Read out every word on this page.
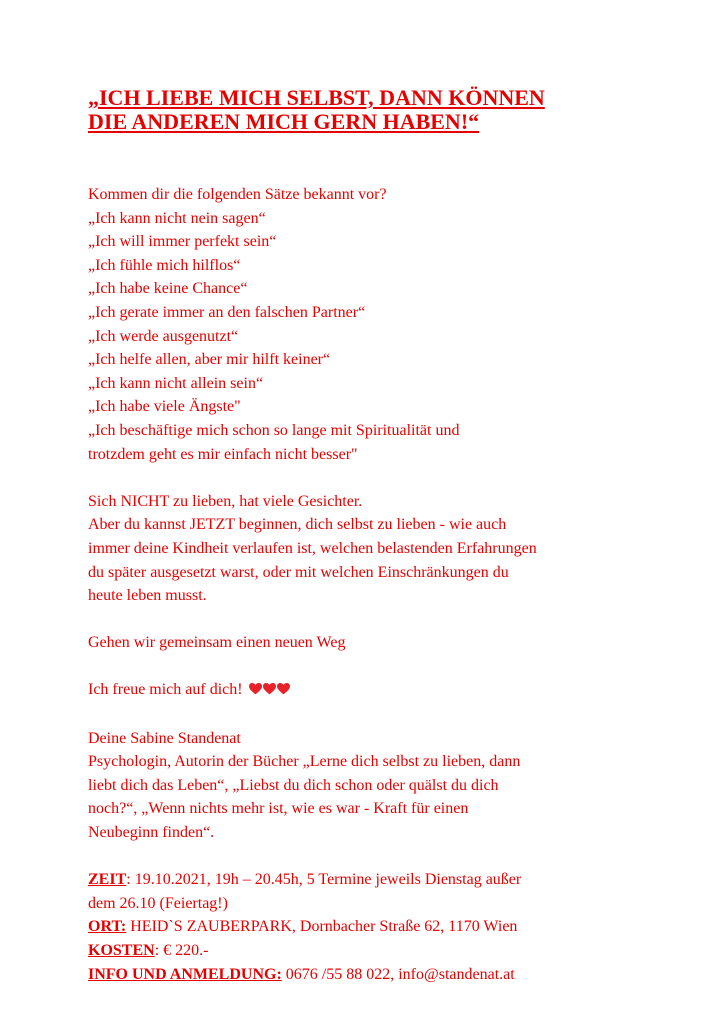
„ICH LIEBE MICH SELBST, DANN KÖNNEN
DIE ANDEREN MICH GERN HABEN!“
Kommen dir die folgenden Sätze bekannt vor?
„Ich kann nicht nein sagen“
„Ich will immer perfekt sein“
„Ich fühle mich hilflos“
„Ich habe keine Chance“
„Ich gerate immer an den falschen Partner“
„Ich werde ausgenutzt“
„Ich helfe allen, aber mir hilft keiner“
„Ich kann nicht allein sein“
„Ich habe viele Ängste"
„Ich beschäftige mich schon so lange mit Spiritualität und
trotzdem geht es mir einfach nicht besser"
Sich NICHT zu lieben, hat viele Gesichter.
Aber du kannst JETZT beginnen, dich selbst zu lieben - wie auch
immer deine Kindheit verlaufen ist, welchen belastenden Erfahrungen
du später ausgesetzt warst, oder mit welchen Einschränkungen du
heute leben musst.
Gehen wir gemeinsam einen neuen Weg
Ich freue mich auf dich!
Deine Sabine Standenat
Psychologin, Autorin der Bücher „Lerne dich selbst zu lieben, dann
liebt dich das Leben“, „Liebst du dich schon oder quälst du dich
noch?“, „Wenn nichts mehr ist, wie es war - Kraft für einen
Neubeginn finden“.
ZEIT: 19.10.2021, 19h – 20.45h, 5 Termine jeweils Dienstag außer
dem 26.10 (Feiertag!)
ORT: HEID`S ZAUBERPARK, Dornbacher Straße 62, 1170 Wien
KOSTEN: € 220.-
INFO UND ANMELDUNG: 0676 /55 88 022, info@standenat.at
